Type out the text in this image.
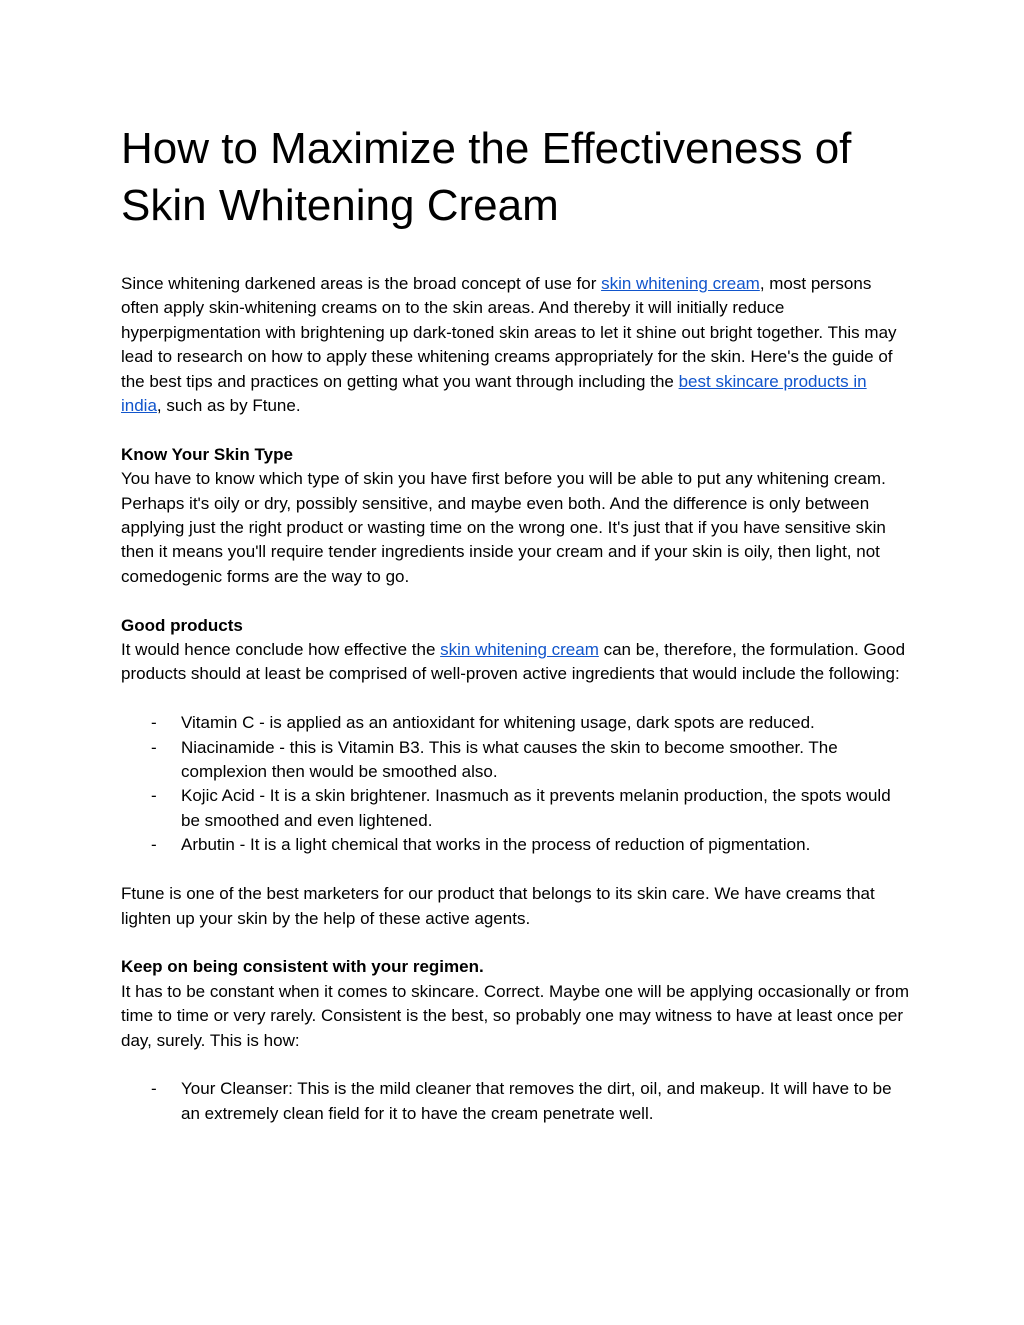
How to Maximize the Effectiveness of Skin Whitening Cream

Since whitening darkened areas is the broad concept of use for skin whitening cream, most persons often apply skin-whitening creams on to the skin areas. And thereby it will initially reduce hyperpigmentation with brightening up dark-toned skin areas to let it shine out bright together. This may lead to research on how to apply these whitening creams appropriately for the skin. Here's the guide of the best tips and practices on getting what you want through including the best skincare products in india, such as by Ftune.

Know Your Skin Type
You have to know which type of skin you have first before you will be able to put any whitening cream. Perhaps it's oily or dry, possibly sensitive, and maybe even both. And the difference is only between applying just the right product or wasting time on the wrong one. It's just that if you have sensitive skin then it means you'll require tender ingredients inside your cream and if your skin is oily, then light, not comedogenic forms are the way to go.

Good products
It would hence conclude how effective the skin whitening cream can be, therefore, the formulation. Good products should at least be comprised of well-proven active ingredients that would include the following:

- Vitamin C - is applied as an antioxidant for whitening usage, dark spots are reduced.
- Niacinamide - this is Vitamin B3. This is what causes the skin to become smoother. The complexion then would be smoothed also.
- Kojic Acid - It is a skin brightener. Inasmuch as it prevents melanin production, the spots would be smoothed and even lightened.
- Arbutin - It is a light chemical that works in the process of reduction of pigmentation.

Ftune is one of the best marketers for our product that belongs to its skin care. We have creams that lighten up your skin by the help of these active agents.

Keep on being consistent with your regimen.
It has to be constant when it comes to skincare. Correct. Maybe one will be applying occasionally or from time to time or very rarely. Consistent is the best, so probably one may witness to have at least once per day, surely. This is how:

- Your Cleanser: This is the mild cleaner that removes the dirt, oil, and makeup. It will have to be an extremely clean field for it to have the cream penetrate well.
